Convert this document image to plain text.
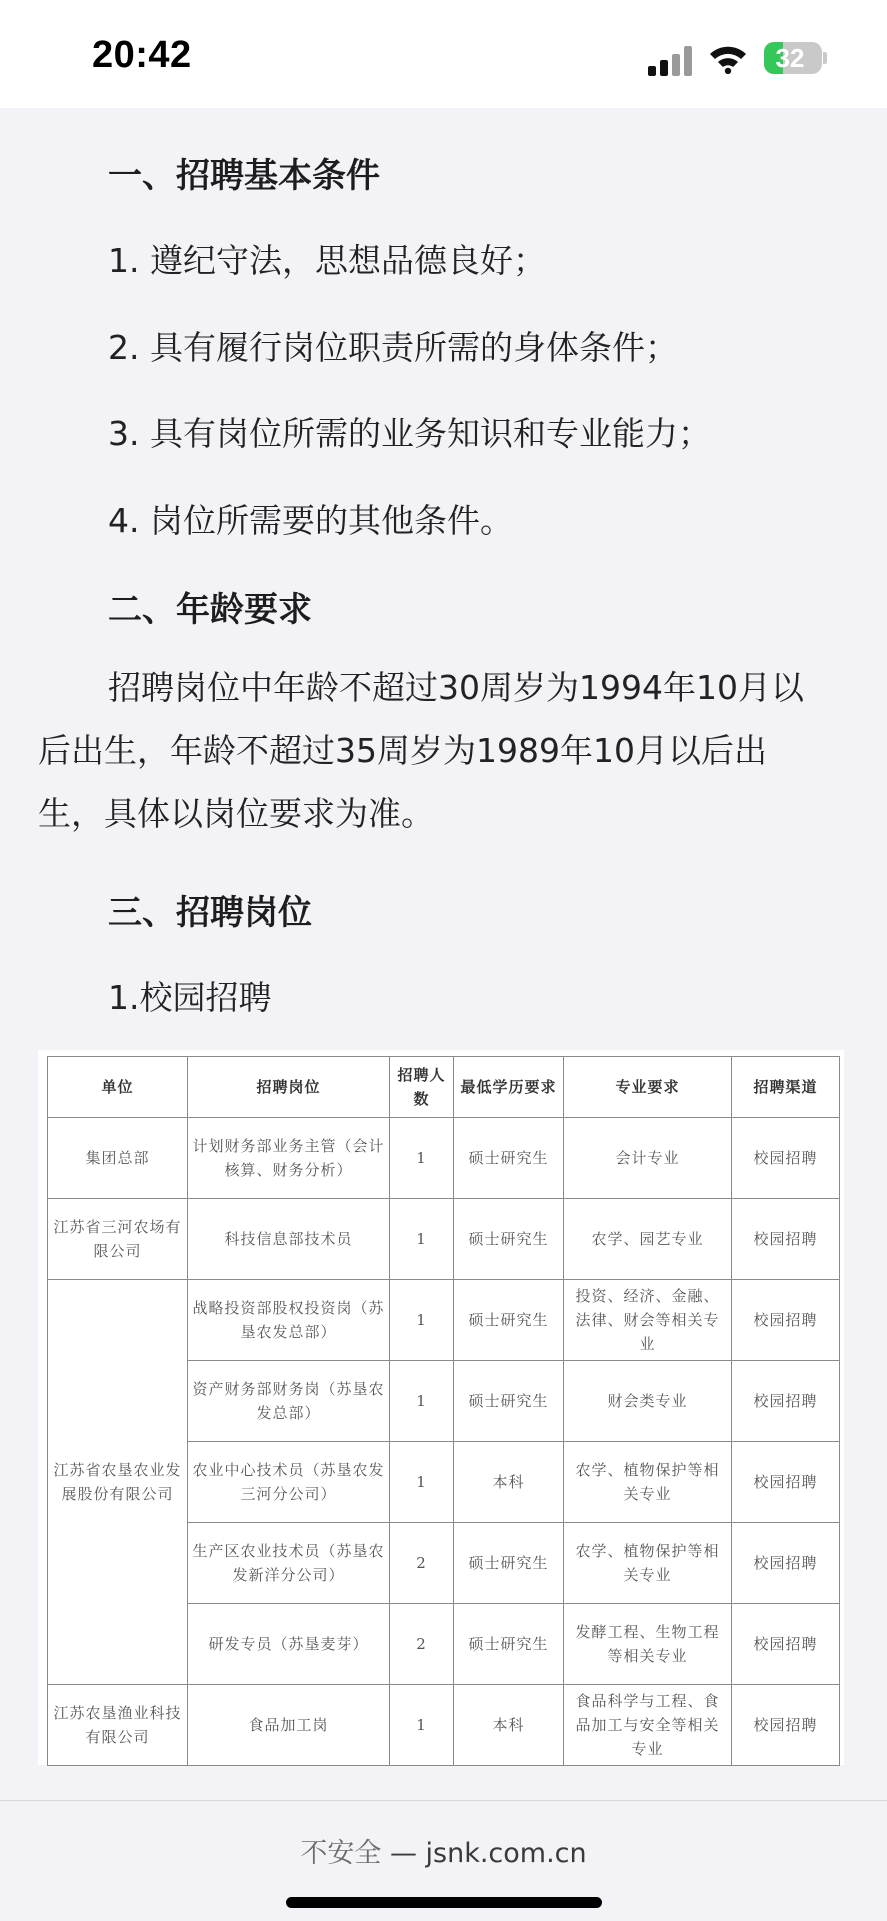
20:42	32
一、招聘基本条件
1. 遵纪守法，思想品德良好；
2. 具有履行岗位职责所需的身体条件；
3. 具有岗位所需的业务知识和专业能力；
4. 岗位所需要的其他条件。
二、年龄要求
招聘岗位中年龄不超过30周岁为1994年10月以后出生，年龄不超过35周岁为1989年10月以后出生，具体以岗位要求为准。
三、招聘岗位
1.校园招聘
单位	招聘岗位	招聘人数	最低学历要求	专业要求	招聘渠道
集团总部	计划财务部业务主管（会计核算、财务分析）	1	硕士研究生	会计专业	校园招聘
江苏省三河农场有限公司	科技信息部技术员	1	硕士研究生	农学、园艺专业	校园招聘
江苏省农垦农业发展股份有限公司	战略投资部股权投资岗（苏垦农发总部）	1	硕士研究生	投资、经济、金融、法律、财会等相关专业	校园招聘
	资产财务部财务岗（苏垦农发总部）	1	硕士研究生	财会类专业	校园招聘
	农业中心技术员（苏垦农发三河分公司）	1	本科	农学、植物保护等相关专业	校园招聘
	生产区农业技术员（苏垦农发新洋分公司）	2	硕士研究生	农学、植物保护等相关专业	校园招聘
	研发专员（苏垦麦芽）	2	硕士研究生	发酵工程、生物工程等相关专业	校园招聘
江苏农垦渔业科技有限公司	食品加工岗	1	本科	食品科学与工程、食品加工与安全等相关专业	校园招聘
不安全 — jsnk.com.cn
